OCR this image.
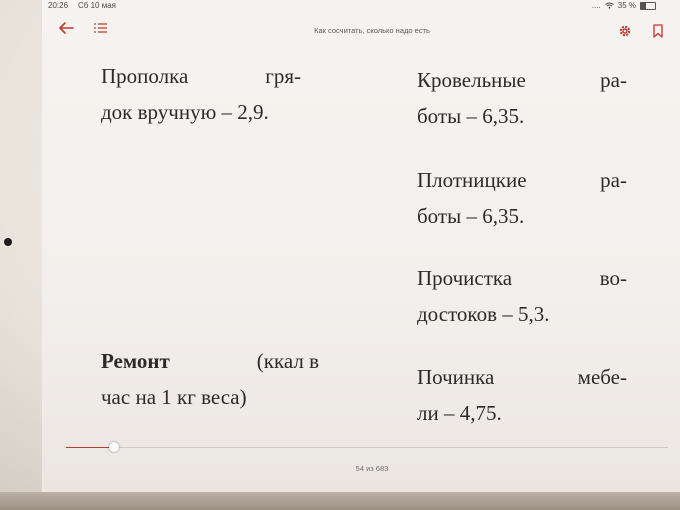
20:26 Сб 10 мая	.... 35 %
Как сосчитать, сколько надо есть
Прополка	гря-
док вручную – 2,9.
Ремонт	(ккал в
час на 1 кг веса)
Кровельные	ра-
боты – 6,35.
Плотницкие	ра-
боты – 6,35.
Прочистка	во-
достоков – 5,3.
Починка	мебе-
ли – 4,75.
54 из 683
